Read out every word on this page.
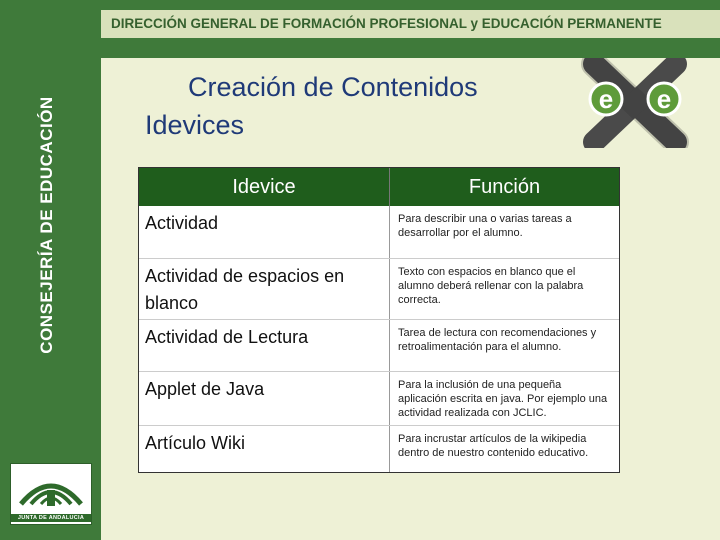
CONSEJERÍA DE EDUCACIÓN
JUNTA DE ANDALUCIA
DIRECCIÓN GENERAL DE FORMACIÓN PROFESIONAL y EDUCACIÓN PERMANENTE
Creación de Contenidos
Idevices
e e
Idevice	Función
Actividad	Para describir una o varias tareas a desarrollar por el alumno.
Actividad de espacios en blanco	Texto con espacios en blanco que el alumno deberá rellenar con la palabra correcta.
Actividad de Lectura	Tarea de lectura con recomendaciones y retroalimentación para el alumno.
Applet de Java	Para la inclusión de una pequeña aplicación escrita en java. Por ejemplo una actividad realizada con JCLIC.
Artículo Wiki	Para incrustar artículos de la wikipedia dentro de nuestro contenido educativo.
